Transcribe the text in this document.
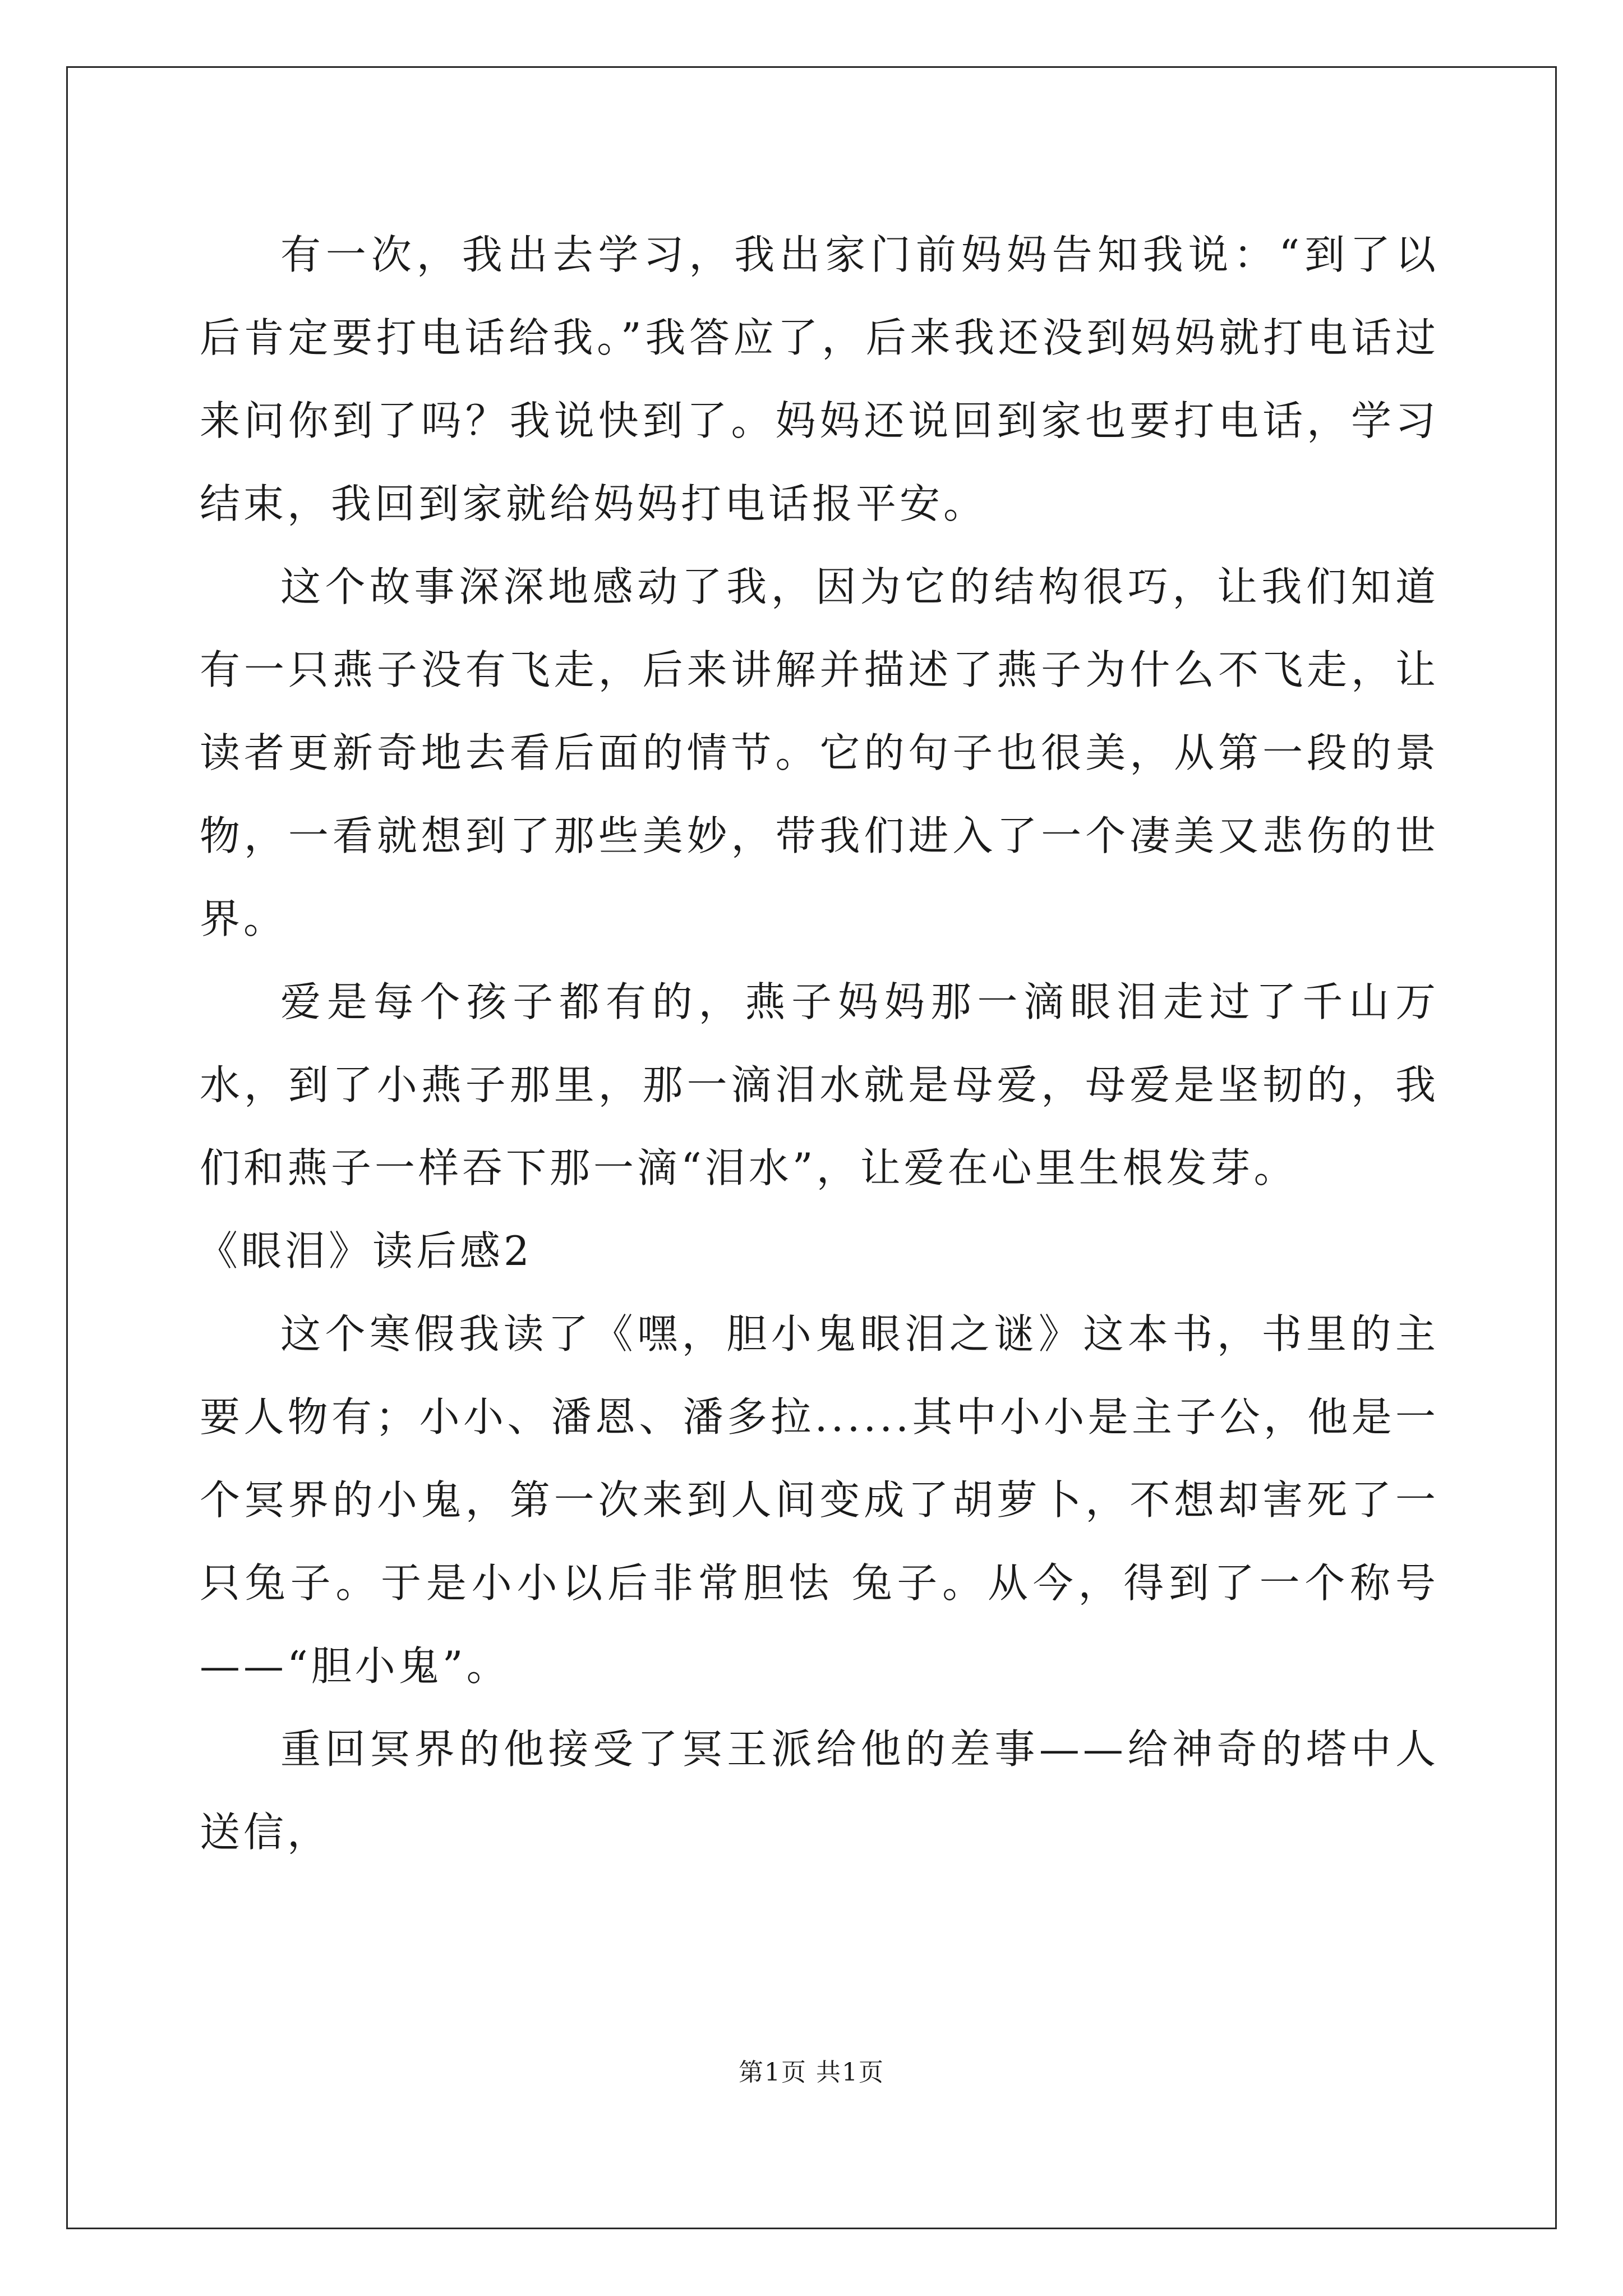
有一次，我出去学习，我出家门前妈妈告知我说：“到了以后肯定要打电话给我。”我答应了，后来我还没到妈妈就打电话过来问你到了吗？我说快到了。妈妈还说回到家也要打电话，学习结束，我回到家就给妈妈打电话报平安。

这个故事深深地感动了我，因为它的结构很巧，让我们知道有一只燕子没有飞走，后来讲解并描述了燕子为什么不飞走，让读者更新奇地去看后面的情节。它的句子也很美，从第一段的景物，一看就想到了那些美妙，带我们进入了一个凄美又悲伤的世界。

爱是每个孩子都有的，燕子妈妈那一滴眼泪走过了千山万水，到了小燕子那里，那一滴泪水就是母爱，母爱是坚韧的，我们和燕子一样吞下那一滴“泪水”，让爱在心里生根发芽。

《眼泪》读后感2

这个寒假我读了《嘿，胆小鬼眼泪之谜》这本书，书里的主要人物有；小小、潘恩、潘多拉......其中小小是主子公，他是一个冥界的小鬼，第一次来到人间变成了胡萝卜，不想却害死了一只兔子。于是小小以后非常胆怯 兔子。从今，得到了一个称号——“胆小鬼”。

重回冥界的他接受了冥王派给他的差事——给神奇的塔中人送信，

第1页 共1页
